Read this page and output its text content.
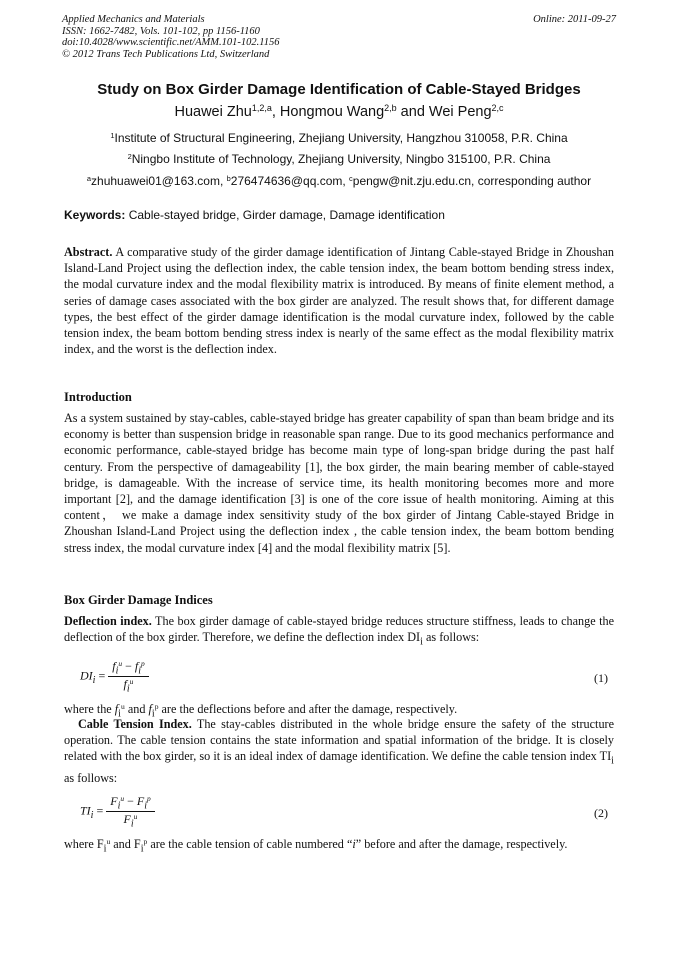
Applied Mechanics and Materials
ISSN: 1662-7482, Vols. 101-102, pp 1156-1160
doi:10.4028/www.scientific.net/AMM.101-102.1156
© 2012 Trans Tech Publications Ltd, Switzerland
Online: 2011-09-27
Study on Box Girder Damage Identification of Cable-Stayed Bridges
Huawei Zhu$^{1,2,a}$, Hongmou Wang$^{2,b}$ and Wei Peng$^{2,c}$
$^1$Institute of Structural Engineering, Zhejiang University, Hangzhou 310058, P.R. China
$^2$Ningbo Institute of Technology, Zhejiang University, Ningbo 315100, P.R. China
$^a$zhuhuawei01@163.com, $^b$276474636@qq.com, $^c$pengw@nit.zju.edu.cn, corresponding author
Keywords: Cable-stayed bridge, Girder damage, Damage identification
Abstract. A comparative study of the girder damage identification of Jintang Cable-stayed Bridge in Zhoushan Island-Land Project using the deflection index, the cable tension index, the beam bottom bending stress index, the modal curvature index and the modal flexibility matrix is introduced. By means of finite element method, a series of damage cases associated with the box girder are analyzed. The result shows that, for different damage types, the best effect of the girder damage identification is the modal curvature index, followed by the cable tension index, the beam bottom bending stress index is nearly of the same effect as the modal flexibility matrix index, and the worst is the deflection index.
Introduction
As a system sustained by stay-cables, cable-stayed bridge has greater capability of span than beam bridge and its economy is better than suspension bridge in reasonable span range. Due to its good mechanics performance and economic performance, cable-stayed bridge has become main type of long-span bridge during the past half century. From the perspective of damageability [1], the box girder, the main bearing member of cable-stayed bridge, is damageable. With the increase of service time, its health monitoring becomes more and more important [2], and the damage identification [3] is one of the core issue of health monitoring. Aiming at this content， we make a damage index sensitivity study of the box girder of Jintang Cable-stayed Bridge in Zhoushan Island-Land Project using the deflection index , the cable tension index, the beam bottom bending stress index, the modal curvature index [4] and the modal flexibility matrix [5].
Box Girder Damage Indices
Deflection index. The box girder damage of cable-stayed bridge reduces structure stiffness, leads to change the deflection of the box girder. Therefore, we define the deflection index $DI_i$ as follows:
$DI_i = \frac{f_i^u - f_i^p}{f_i^u}$	(1)
where the $f_i^u$ and $f_i^p$ are the deflections before and after the damage, respectively.
Cable Tension Index. The stay-cables distributed in the whole bridge ensure the safety of the structure operation. The cable tension contains the state information and spatial information of the bridge. It is closely related with the box girder, so it is an ideal index of damage identification. We define the cable tension index $TI_i$ as follows:
$TI_i = \frac{F_i^u - F_i^p}{F_i^u}$	(2)
where $F_i^u$ and $F_i^p$ are the cable tension of cable numbered “i” before and after the damage, respectively.
